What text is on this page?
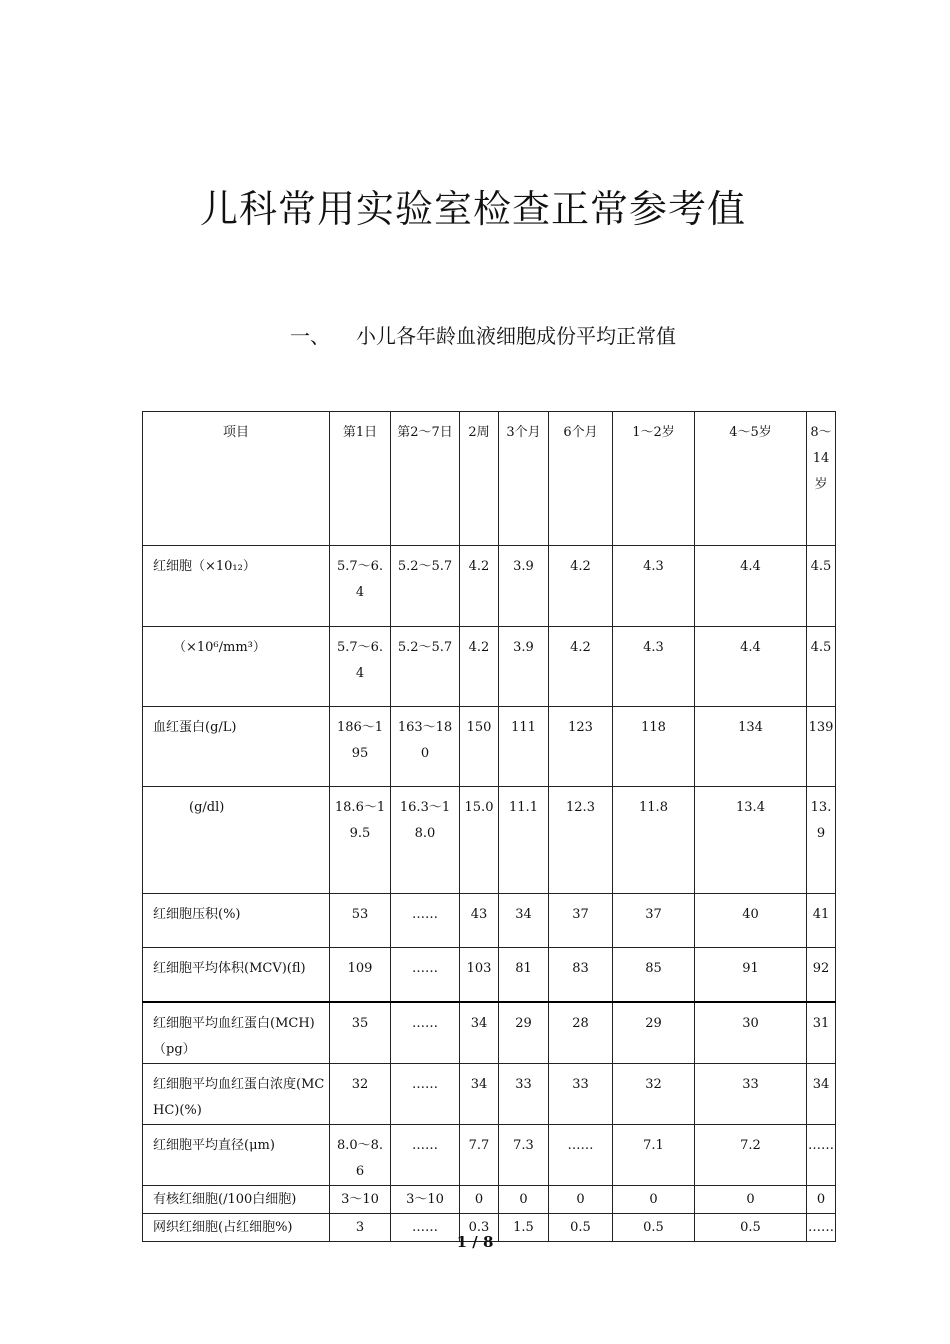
儿科常用实验室检查正常参考值
一、 小儿各年龄血液细胞成份平均正常值
项目	第1日	第2～7日	2周	3个月	6个月	1～2岁	4～5岁	8～14岁
红细胞（×10₁₂）	5.7～6.4	5.2～5.7	4.2	3.9	4.2	4.3	4.4	4.5
（×10⁶/mm³）	5.7～6.4	5.2～5.7	4.2	3.9	4.2	4.3	4.4	4.5
血红蛋白(g/L)	186～195	163～180	150	111	123	118	134	139
(g/dl)	18.6～19.5	16.3～18.0	15.0	11.1	12.3	11.8	13.4	13.9
红细胞压积(%)	53	……	43	34	37	37	40	41
红细胞平均体积(MCV)(fl)	109	……	103	81	83	85	91	92
红细胞平均血红蛋白(MCH)（pg）	35	……	34	29	28	29	30	31
红细胞平均血红蛋白浓度(MCHC)(%)	32	……	34	33	33	32	33	34
红细胞平均直径(μm)	8.0～8.6	……	7.7	7.3	……	7.1	7.2	……
有核红细胞(/100白细胞)	3～10	3～10	0	0	0	0	0	0
网织红细胞(占红细胞%)	3	……	0.3	1.5	0.5	0.5	0.5	……
1 / 8
